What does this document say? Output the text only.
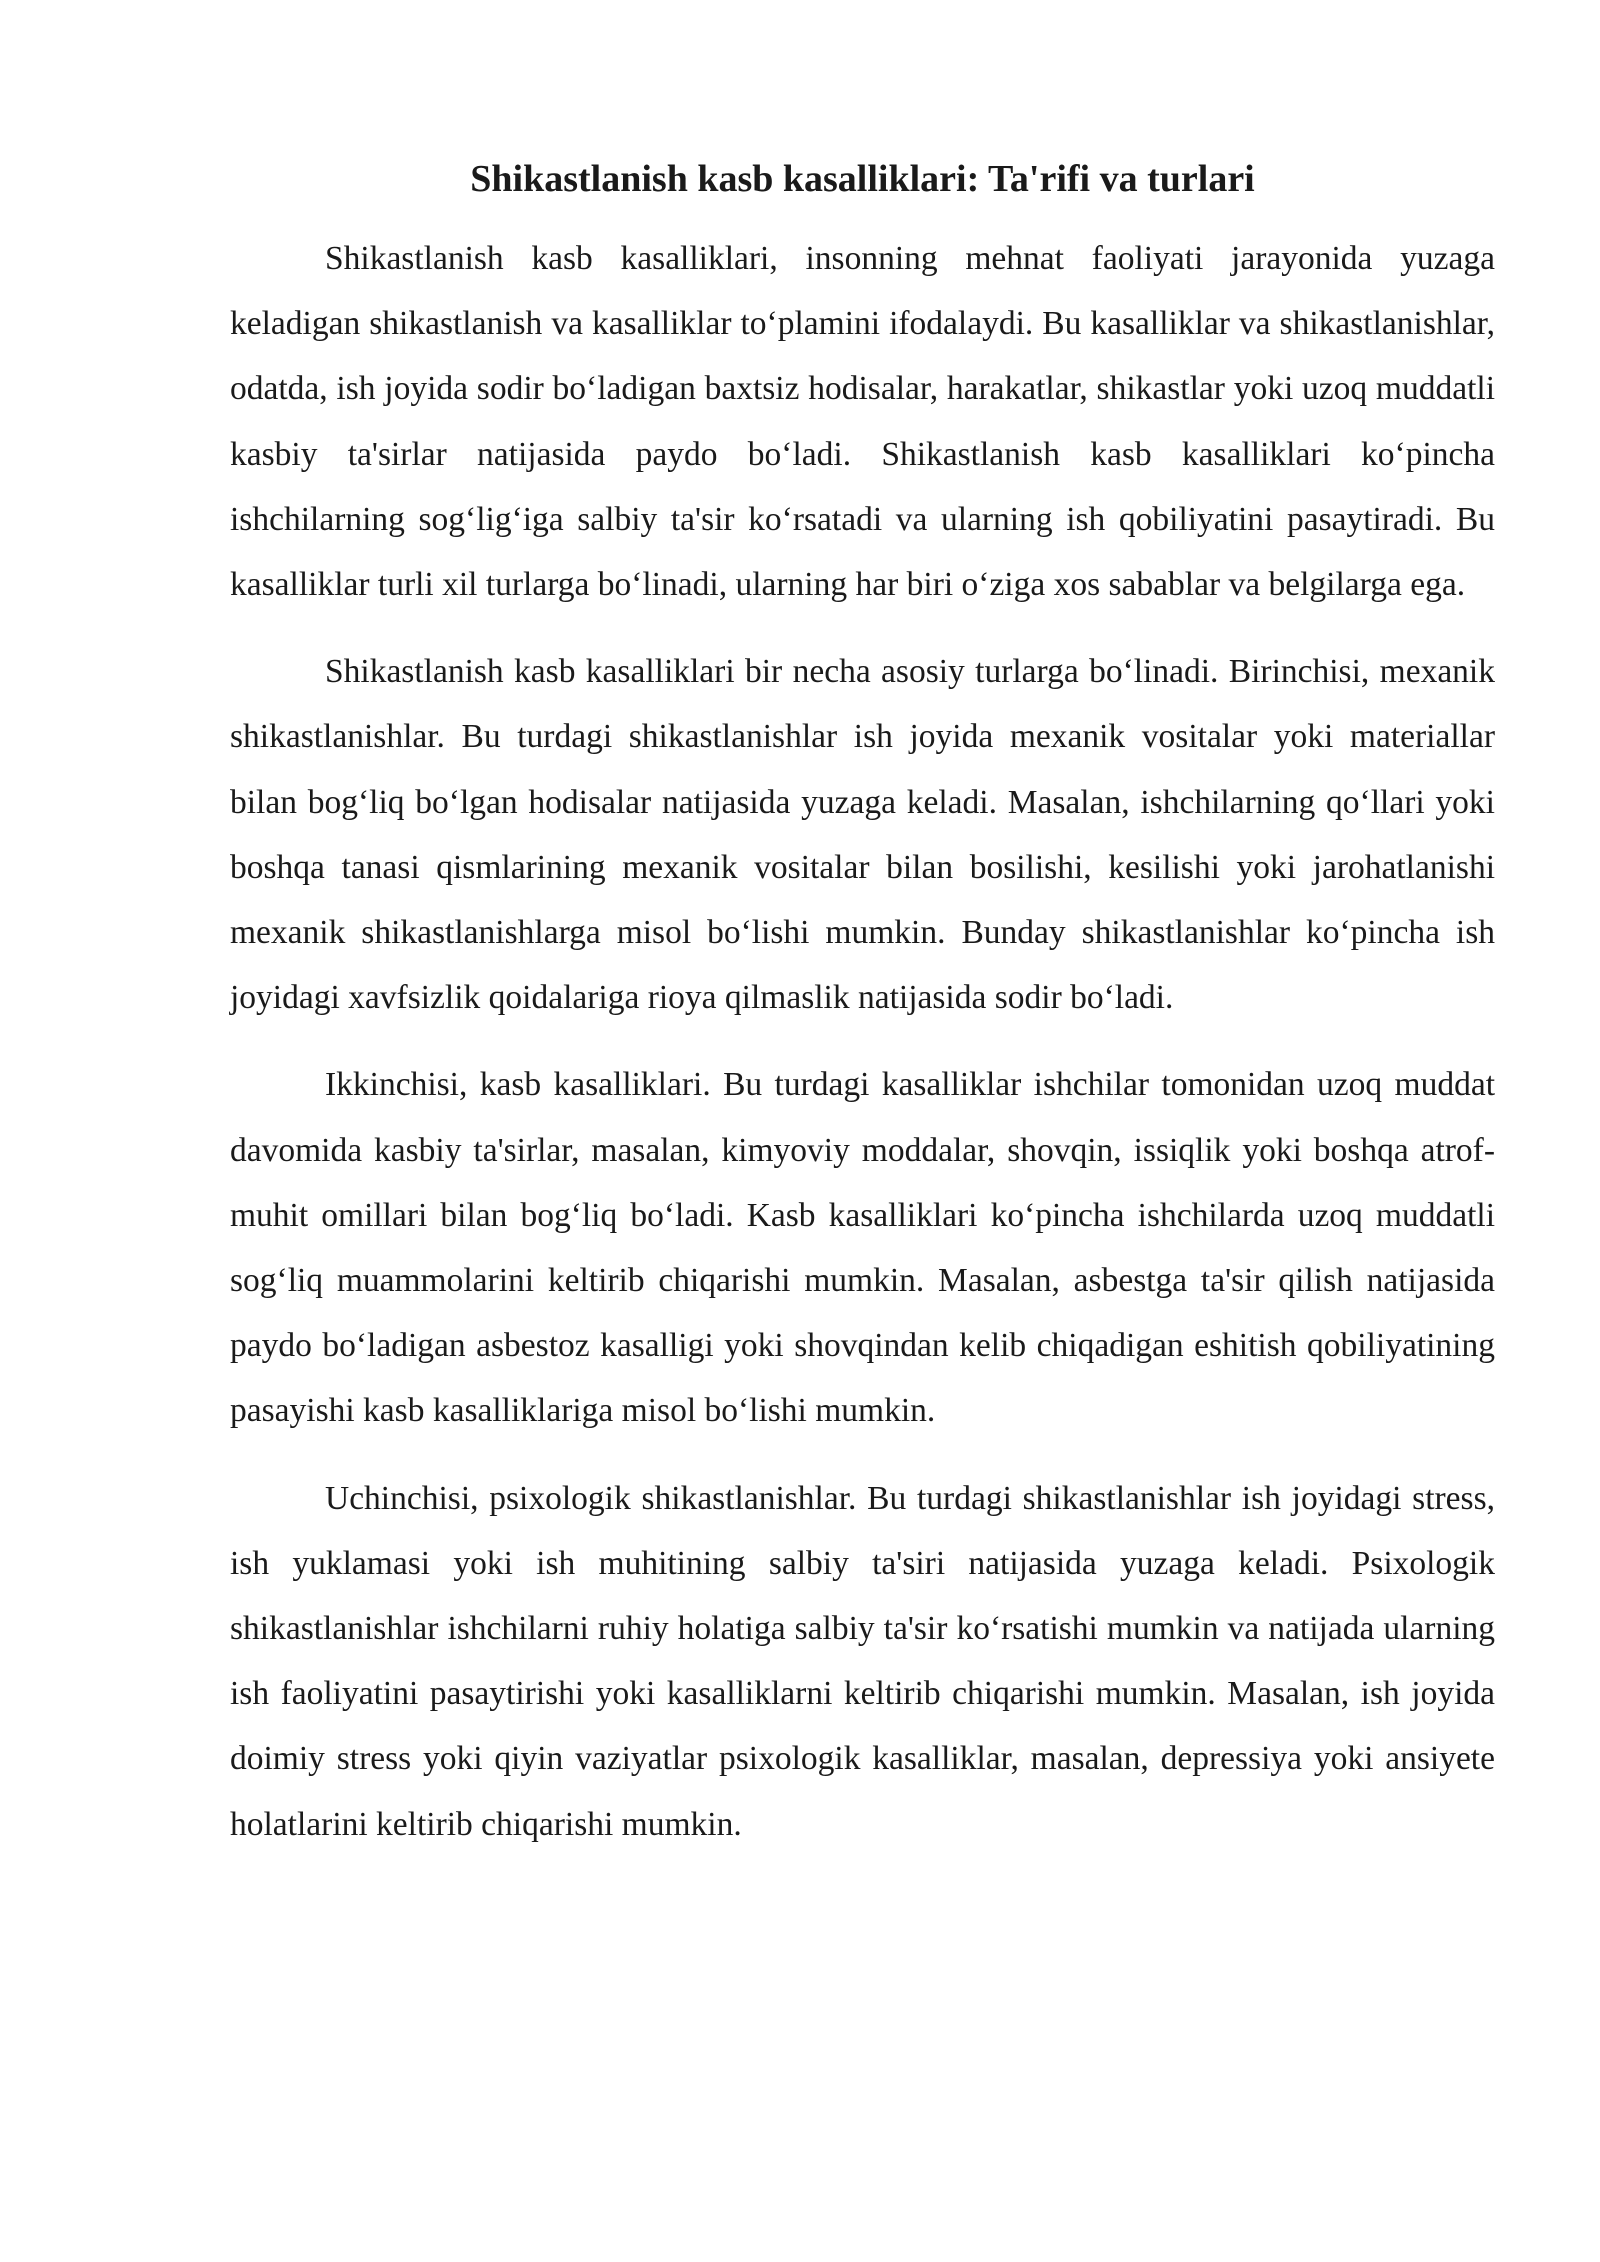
Shikastlanish kasb kasalliklari: Ta'rifi va turlari

Shikastlanish kasb kasalliklari, insonning mehnat faoliyati jarayonida yuzaga keladigan shikastlanish va kasalliklar to‘plamini ifodalaydi. Bu kasalliklar va shikastlanishlar, odatda, ish joyida sodir bo‘ladigan baxtsiz hodisalar, harakatlar, shikastlar yoki uzoq muddatli kasbiy ta'sirlar natijasida paydo bo‘ladi. Shikastlanish kasb kasalliklari ko‘pincha ishchilarning sog‘lig‘iga salbiy ta'sir ko‘rsatadi va ularning ish qobiliyatini pasaytiradi. Bu kasalliklar turli xil turlarga bo‘linadi, ularning har biri o‘ziga xos sabablar va belgilarga ega.

Shikastlanish kasb kasalliklari bir necha asosiy turlarga bo‘linadi. Birinchisi, mexanik shikastlanishlar. Bu turdagi shikastlanishlar ish joyida mexanik vositalar yoki materiallar bilan bog‘liq bo‘lgan hodisalar natijasida yuzaga keladi. Masalan, ishchilarning qo‘llari yoki boshqa tanasi qismlarining mexanik vositalar bilan bosilishi, kesilishi yoki jarohatlanishi mexanik shikastlanishlarga misol bo‘lishi mumkin. Bunday shikastlanishlar ko‘pincha ish joyidagi xavfsizlik qoidalariga rioya qilmaslik natijasida sodir bo‘ladi.

Ikkinchisi, kasb kasalliklari. Bu turdagi kasalliklar ishchilar tomonidan uzoq muddat davomida kasbiy ta'sirlar, masalan, kimyoviy moddalar, shovqin, issiqlik yoki boshqa atrof-muhit omillari bilan bog‘liq bo‘ladi. Kasb kasalliklari ko‘pincha ishchilarda uzoq muddatli sog‘liq muammolarini keltirib chiqarishi mumkin. Masalan, asbestga ta'sir qilish natijasida paydo bo‘ladigan asbestoz kasalligi yoki shovqindan kelib chiqadigan eshitish qobiliyatining pasayishi kasb kasalliklariga misol bo‘lishi mumkin.

Uchinchisi, psixologik shikastlanishlar. Bu turdagi shikastlanishlar ish joyidagi stress, ish yuklamasi yoki ish muhitining salbiy ta'siri natijasida yuzaga keladi. Psixologik shikastlanishlar ishchilarni ruhiy holatiga salbiy ta'sir ko‘rsatishi mumkin va natijada ularning ish faoliyatini pasaytirishi yoki kasalliklarni keltirib chiqarishi mumkin. Masalan, ish joyida doimiy stress yoki qiyin vaziyatlar psixologik kasalliklar, masalan, depressiya yoki ansiyete holatlarini keltirib chiqarishi mumkin.
